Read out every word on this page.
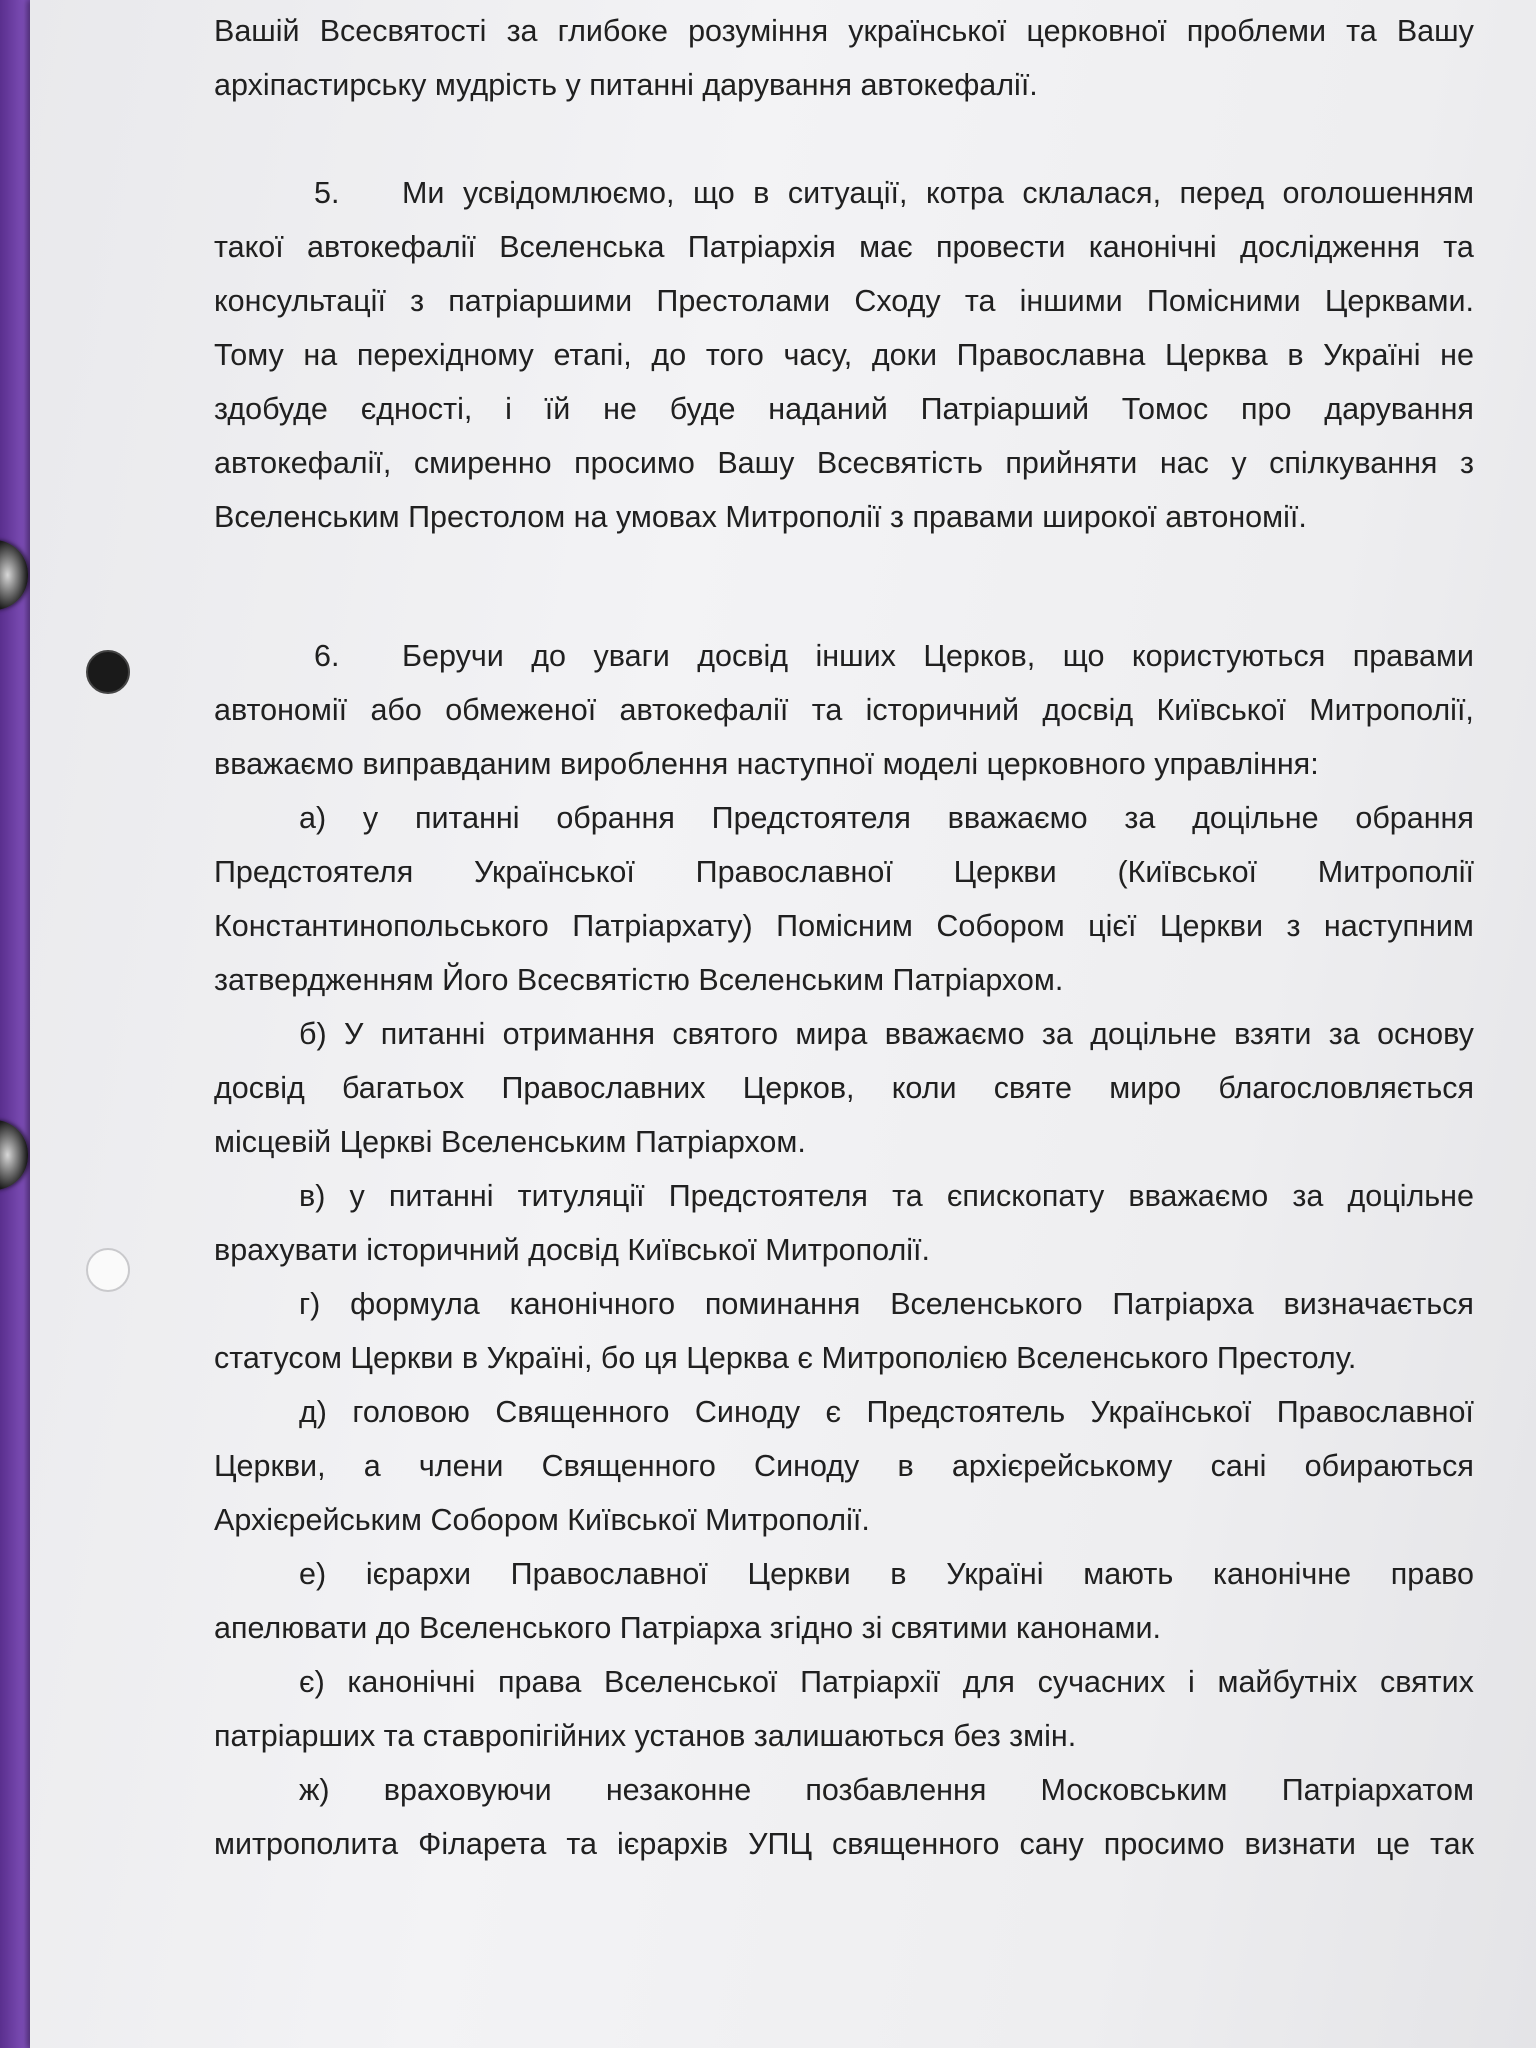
Вашій Всесвятості за глибоке розуміння української церковної проблеми та Вашу
архіпастирську мудрість у питанні дарування автокефалії.
5.	Ми усвідомлюємо, що в ситуації, котра склалася, перед оголошенням
такої автокефалії Вселенська Патріархія має провести канонічні дослідження та
консультації з патріаршими Престолами Сходу та іншими Помісними Церквами.
Тому на перехідному етапі, до того часу, доки Православна Церква в Україні не
здобуде єдності, і їй не буде наданий Патріарший Томос про дарування
автокефалії, смиренно просимо Вашу Всесвятість прийняти нас у спілкування з
Вселенським Престолом на умовах Митрополії з правами широкої автономії.
6.	Беручи до уваги досвід інших Церков, що користуються правами
автономії або обмеженої автокефалії та історичний досвід Київської Митрополії,
вважаємо виправданим вироблення наступної моделі церковного управління:
а) у питанні обрання Предстоятеля вважаємо за доцільне обрання
Предстоятеля Української Православної Церкви (Київської Митрополії
Константинопольського Патріархату) Помісним Собором цієї Церкви з наступним
затвердженням Його Всесвятістю Вселенським Патріархом.
б) У питанні отримання святого мира вважаємо за доцільне взяти за основу
досвід багатьох Православних Церков, коли святе миро благословляється
місцевій Церкві Вселенським Патріархом.
в) у питанні титуляції Предстоятеля та єпископату вважаємо за доцільне
врахувати історичний досвід Київської Митрополії.
г) формула канонічного поминання Вселенського Патріарха визначається
статусом Церкви в Україні, бо ця Церква є Митрополією Вселенського Престолу.
д) головою Священного Синоду є Предстоятель Української Православної
Церкви, а члени Священного Синоду в архієрейському сані обираються
Архієрейським Собором Київської Митрополії.
е) ієрархи Православної Церкви в Україні мають канонічне право
апелювати до Вселенського Патріарха згідно зі святими канонами.
є) канонічні права Вселенської Патріархії для сучасних і майбутніх святих
патріарших та ставропігійних установ залишаються без змін.
ж) враховуючи незаконне позбавлення Московським Патріархатом
митрополита Філарета та ієрархів УПЦ священного сану просимо визнати це так
